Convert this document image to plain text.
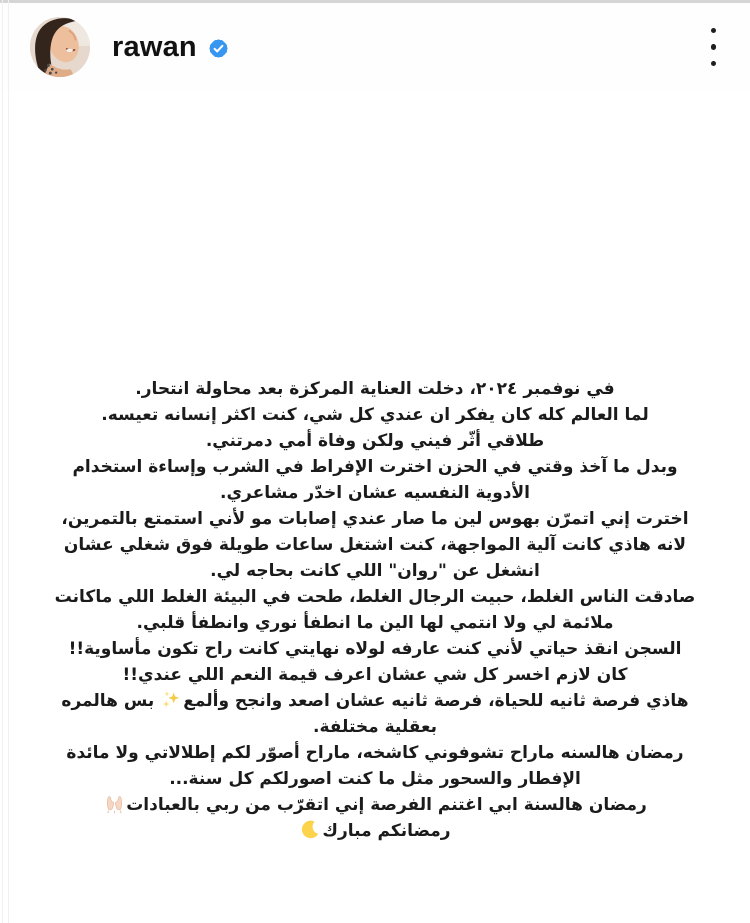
rawan

في نوفمبر ٢٠٢٤، دخلت العناية المركزة بعد محاولة انتحار.

لما العالم كله كان يفكر ان عندي كل شي، كنت اكثر إنسانه تعيسه.

طلاقي أثّر فيني ولكن وفاة أمي دمرتني.

وبدل ما آخذ وقتي في الحزن اخترت الإفراط في الشرب وإساءة استخدام الأدوية النفسيه عشان اخدّر مشاعري.

اخترت إني اتمرّن بهوس لين ما صار عندي إصابات مو لأني استمتع بالتمرين، لانه هاذي كانت آلية المواجهة، كنت اشتغل ساعات طويلة فوق شغلي عشان انشغل عن "روان" اللي كانت بحاجه لي.

صادقت الناس الغلط، حبيت الرجال الغلط، طحت في البيئة الغلط اللي ماكانت ملائمة لي ولا انتمي لها الين ما انطفأ نوري وانطفأ قلبي.

السجن انقذ حياتي لأني كنت عارفه لولاه نهايتي كانت راح تكون مأساوية!!

كان لازم اخسر كل شي عشان اعرف قيمة النعم اللي عندي!!

هاذي فرصة ثانيه للحياة، فرصة ثانيه عشان اصعد وانجح وألمع بس هالمره بعقلية مختلفة.

رمضان هالسنه ماراح تشوفوني كاشخه، ماراح أصوّر لكم إطلالاتي ولا مائدة الإفطار والسحور مثل ما كنت اصورلكم كل سنة...

رمضان هالسنة ابي اغتنم الفرصة إني اتقرّب من ربي بالعبادات

رمضانكم مبارك
